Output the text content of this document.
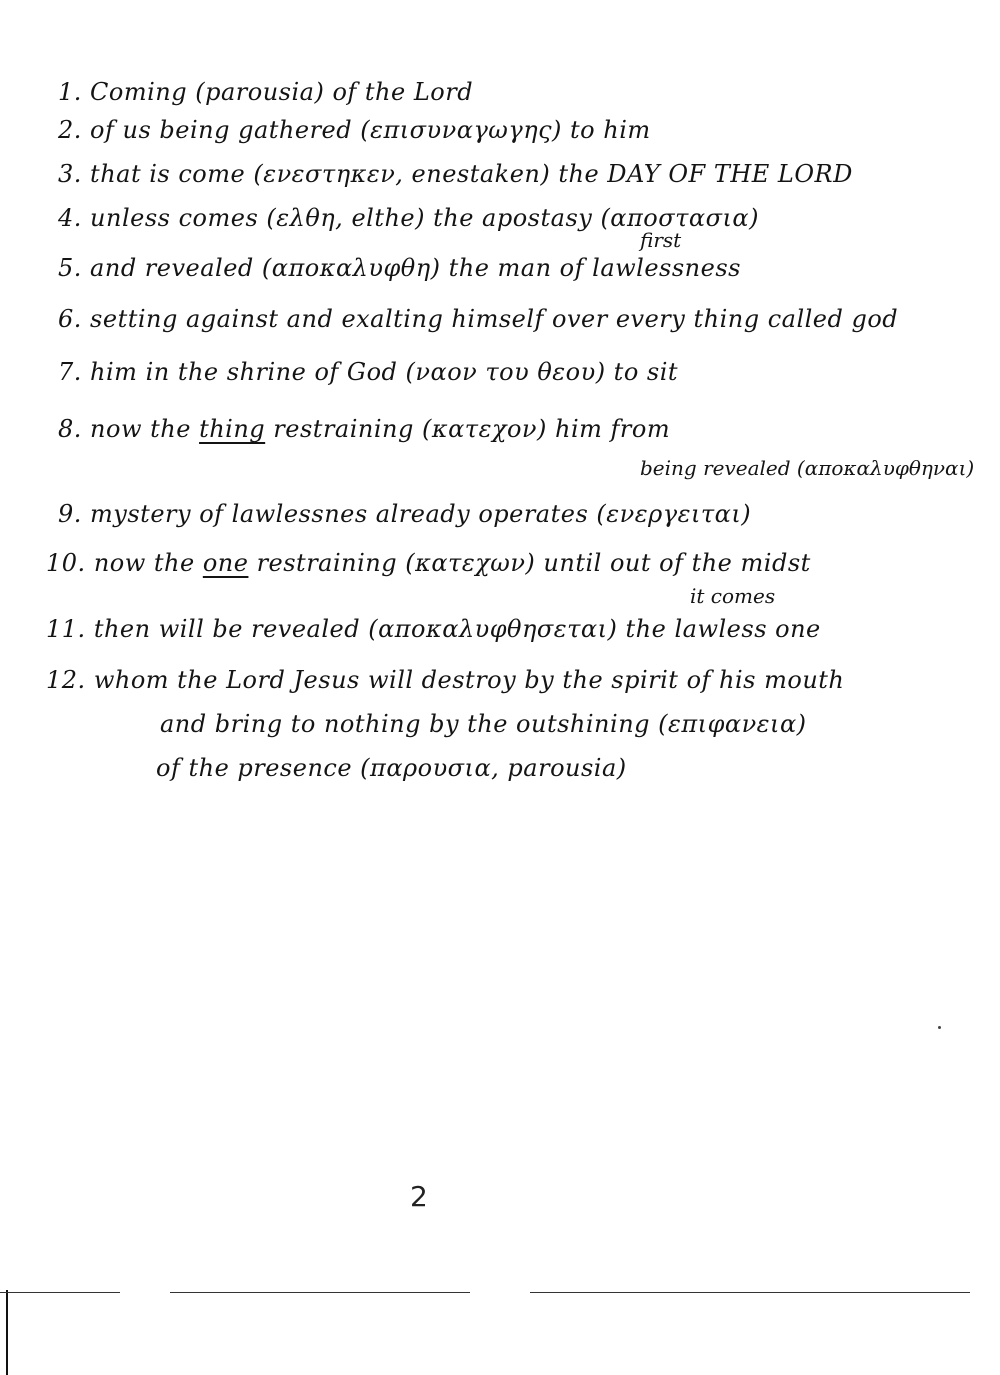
1. Coming (parousia) of the Lord
2. of us being gathered (επισυναγωγης) to him
3. that is come (ενεστηκεν, enestaken) the DAY OF THE LORD
4. unless comes (ελθη, elthe) the apostasy (αποστασια)
first
5. and revealed (αποκαλυφθη) the man of lawlessness
6. setting against and exalting himself over every thing called god
7. him in the shrine of God (ναον του θεου) to sit
8. now the thing restraining (κατεχον) him from
being revealed (αποκαλυφθηναι)
9. mystery of lawlessnes already operates (ενεργειται)
10. now the one restraining (κατεχων) until out of the midst
it comes
11. then will be revealed (αποκαλυφθησεται) the lawless one
12. whom the Lord Jesus will destroy by the spirit of his mouth
and bring to nothing by the outshining (επιφανεια)
of the presence (παρουσια, parousia)
2
